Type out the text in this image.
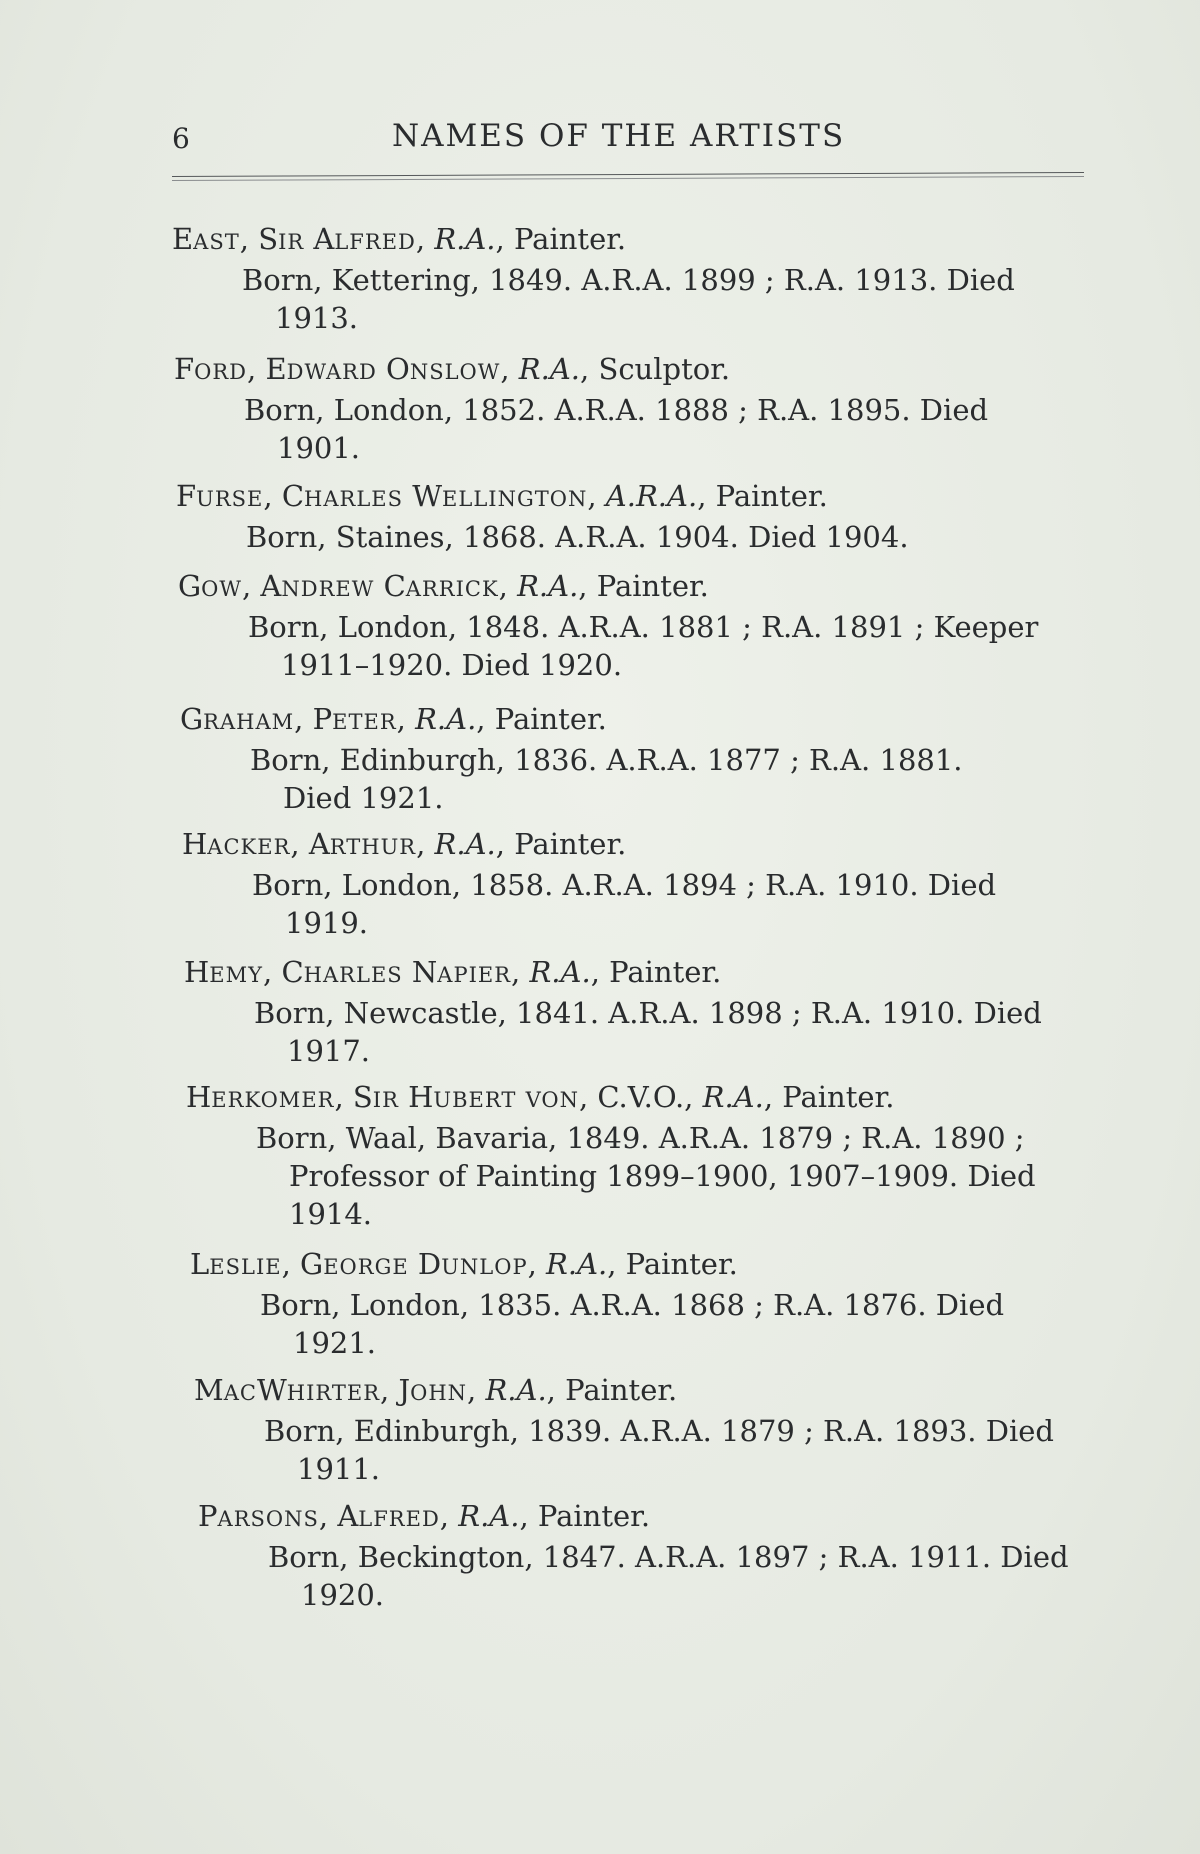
6	NAMES OF THE ARTISTS
EAST, SIR ALFRED, R.A., Painter.
Born, Kettering, 1849. A.R.A. 1899 ; R.A. 1913. Died
1913.
FORD, EDWARD ONSLOW, R.A., Sculptor.
Born, London, 1852. A.R.A. 1888 ; R.A. 1895. Died
1901.
FURSE, CHARLES WELLINGTON, A.R.A., Painter.
Born, Staines, 1868. A.R.A. 1904. Died 1904.
GOW, ANDREW CARRICK, R.A., Painter.
Born, London, 1848. A.R.A. 1881 ; R.A. 1891 ; Keeper
1911–1920. Died 1920.
GRAHAM, PETER, R.A., Painter.
Born, Edinburgh, 1836. A.R.A. 1877 ; R.A. 1881.
Died 1921.
HACKER, ARTHUR, R.A., Painter.
Born, London, 1858. A.R.A. 1894 ; R.A. 1910. Died
1919.
HEMY, CHARLES NAPIER, R.A., Painter.
Born, Newcastle, 1841. A.R.A. 1898 ; R.A. 1910. Died
1917.
HERKOMER, SIR HUBERT VON, C.V.O., R.A., Painter.
Born, Waal, Bavaria, 1849. A.R.A. 1879 ; R.A. 1890 ;
Professor of Painting 1899–1900, 1907–1909. Died
1914.
LESLIE, GEORGE DUNLOP, R.A., Painter.
Born, London, 1835. A.R.A. 1868 ; R.A. 1876. Died
1921.
MACWHIRTER, JOHN, R.A., Painter.
Born, Edinburgh, 1839. A.R.A. 1879 ; R.A. 1893. Died
1911.
PARSONS, ALFRED, R.A., Painter.
Born, Beckington, 1847. A.R.A. 1897 ; R.A. 1911. Died
1920.
